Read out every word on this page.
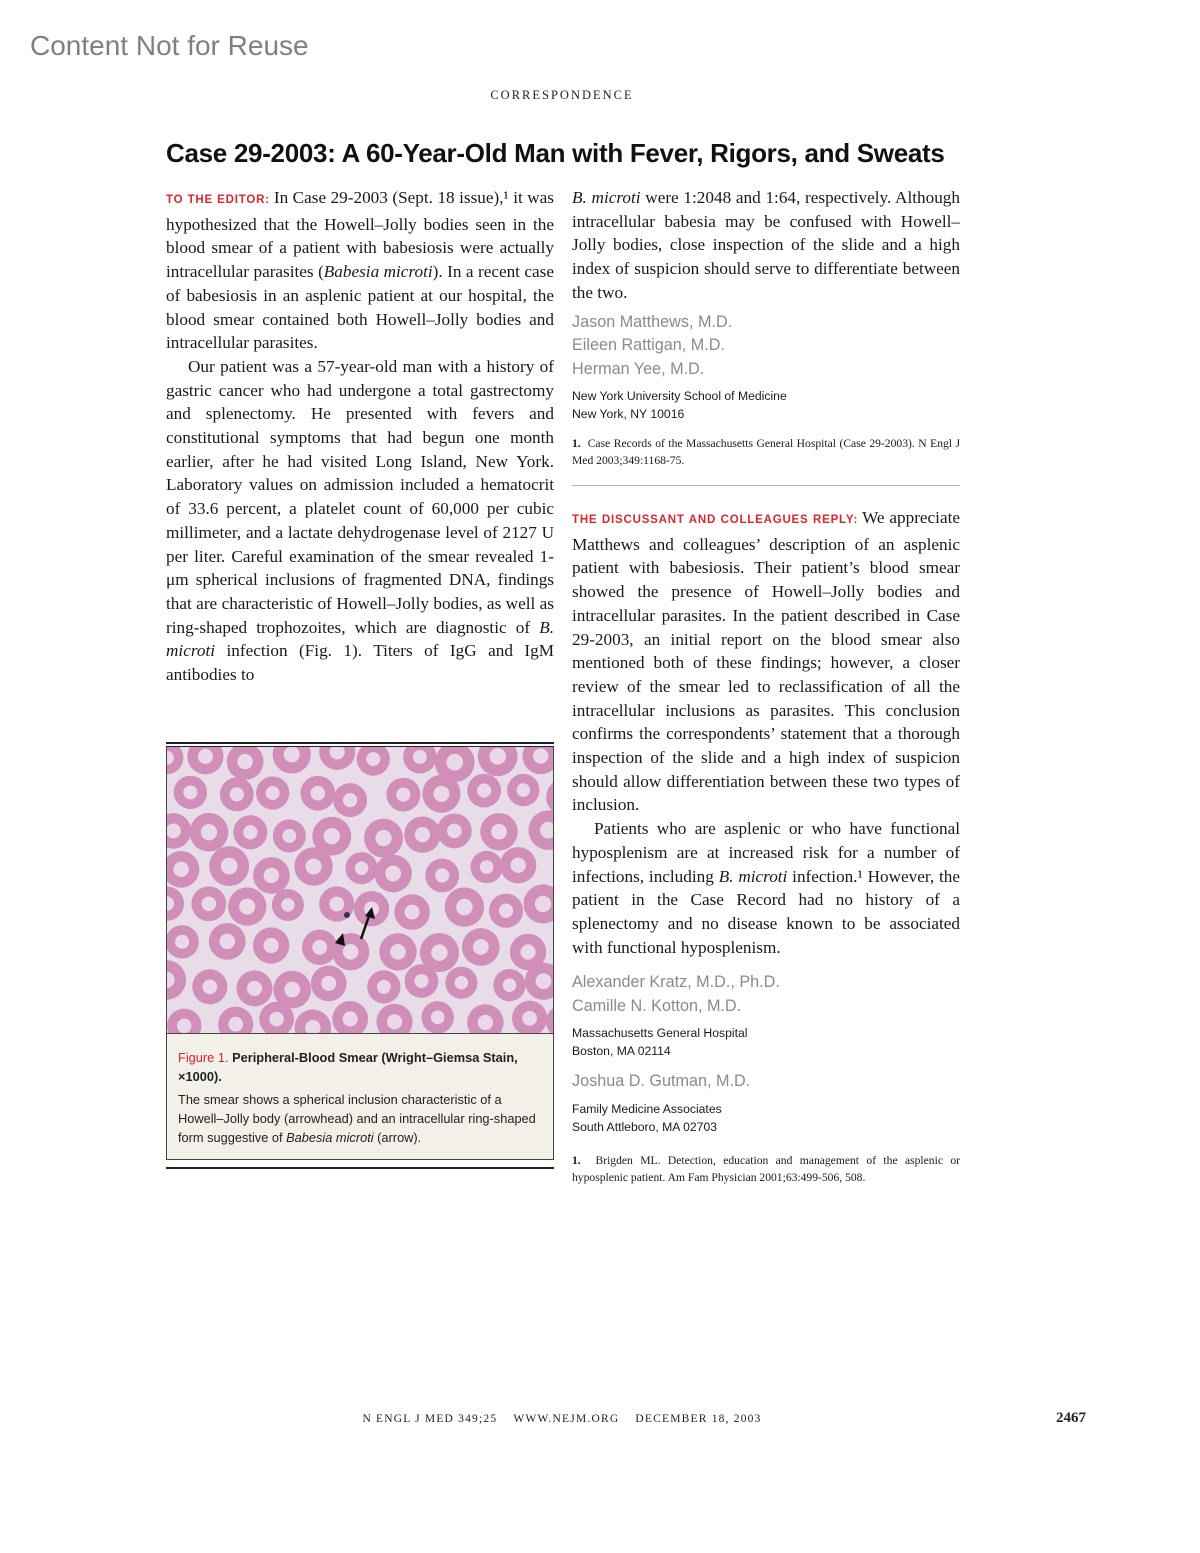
Content Not for Reuse
CORRESPONDENCE
Case 29-2003: A 60-Year-Old Man with Fever, Rigors, and Sweats

TO THE EDITOR: In Case 29-2003 (Sept. 18 issue),¹ it was hypothesized that the Howell–Jolly bodies seen in the blood smear of a patient with babesiosis were actually intracellular parasites (Babesia microti). In a recent case of babesiosis in an asplenic patient at our hospital, the blood smear contained both Howell–Jolly bodies and intracellular parasites.

Our patient was a 57-year-old man with a history of gastric cancer who had undergone a total gastrectomy and splenectomy. He presented with fevers and constitutional symptoms that had begun one month earlier, after he had visited Long Island, New York. Laboratory values on admission included a hematocrit of 33.6 percent, a platelet count of 60,000 per cubic millimeter, and a lactate dehydrogenase level of 2127 U per liter. Careful examination of the smear revealed 1-μm spherical inclusions of fragmented DNA, findings that are characteristic of Howell–Jolly bodies, as well as ring-shaped trophozoites, which are diagnostic of B. microti infection (Fig. 1). Titers of IgG and IgM antibodies to

Figure 1. Peripheral-Blood Smear (Wright–Giemsa Stain, ×1000).
The smear shows a spherical inclusion characteristic of a Howell–Jolly body (arrowhead) and an intracellular ring-shaped form suggestive of Babesia microti (arrow).

B. microti were 1:2048 and 1:64, respectively. Although intracellular babesia may be confused with Howell–Jolly bodies, close inspection of the slide and a high index of suspicion should serve to differentiate between the two.

Jason Matthews, M.D.

Eileen Rattigan, M.D.

Herman Yee, M.D.

New York University School of Medicine

New York, NY 10016

1. Case Records of the Massachusetts General Hospital (Case 29-2003). N Engl J Med 2003;349:1168-75.

THE DISCUSSANT AND COLLEAGUES REPLY: We appreciate Matthews and colleagues’ description of an asplenic patient with babesiosis. Their patient’s blood smear showed the presence of Howell–Jolly bodies and intracellular parasites. In the patient described in Case 29-2003, an initial report on the blood smear also mentioned both of these findings; however, a closer review of the smear led to reclassification of all the intracellular inclusions as parasites. This conclusion confirms the correspondents’ statement that a thorough inspection of the slide and a high index of suspicion should allow differentiation between these two types of inclusion.

Patients who are asplenic or who have functional hyposplenism are at increased risk for a number of infections, including B. microti infection.¹ However, the patient in the Case Record had no history of a splenectomy and no disease known to be associated with functional hyposplenism.

Alexander Kratz, M.D., Ph.D.

Camille N. Kotton, M.D.

Massachusetts General Hospital

Boston, MA 02114

Joshua D. Gutman, M.D.

Family Medicine Associates

South Attleboro, MA 02703

1. Brigden ML. Detection, education and management of the asplenic or hyposplenic patient. Am Fam Physician 2001;63:499-506, 508.

N ENGL J MED 349;25 WWW.NEJM.ORG DECEMBER 18, 2003	2467
